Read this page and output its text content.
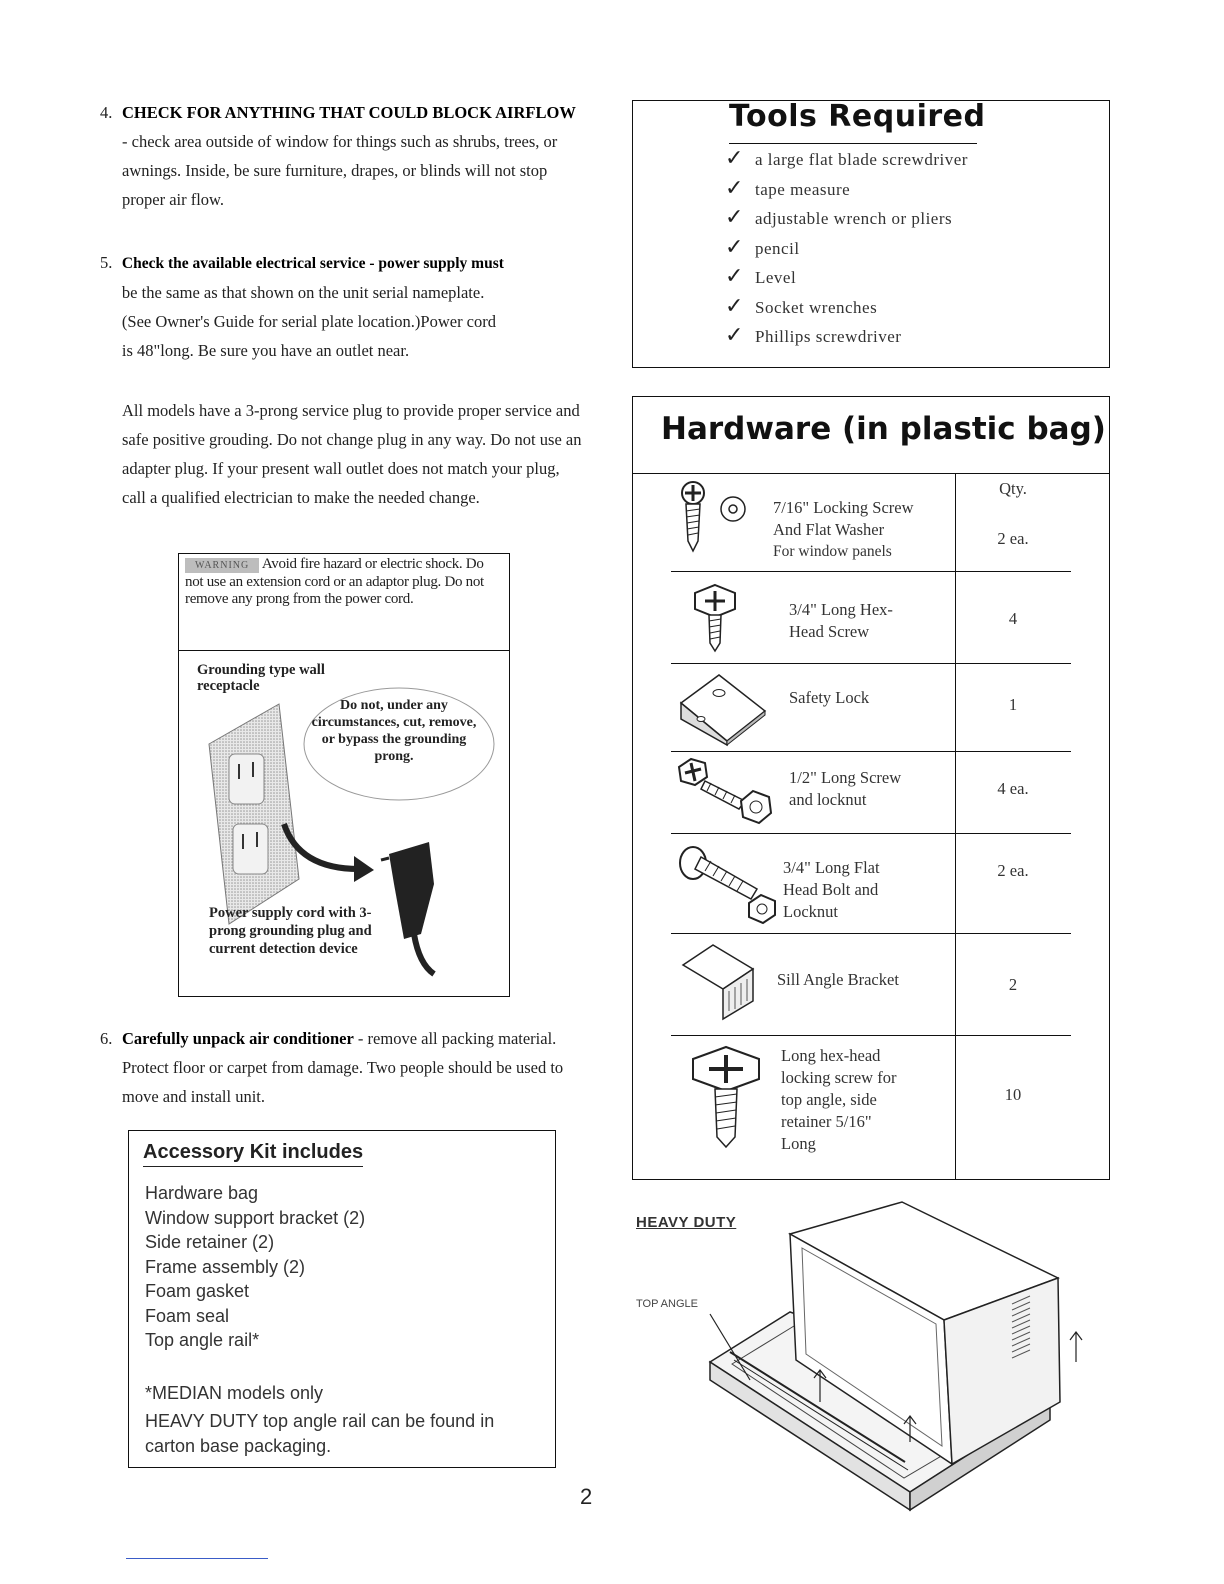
4. CHECK FOR ANYTHING THAT COULD BLOCK AIRFLOW - check area outside of window for things such as shrubs, trees, or awnings. Inside, be sure furniture, drapes, or blinds will not stop proper air flow.
5. Check the available electrical service - power supply must
be the same as that shown on the unit serial nameplate.
(See Owner's Guide for serial plate location.)Power cord
is 48"long. Be sure you have an outlet near.
All models have a 3-prong service plug to provide proper service and safe positive grouding. Do not change plug in any way. Do not use an adapter plug. If your present wall outlet does not match your plug, call a qualified electrician to make the needed change.
WARNING Avoid fire hazard or electric shock. Do not use an extension cord or an adaptor plug. Do not remove any prong from the power cord.
Grounding type wall receptacle
Do not, under any circumstances, cut, remove, or bypass the grounding prong.
Power supply cord with 3-prong grounding plug and current detection device
6. Carefully unpack air conditioner - remove all packing material. Protect floor or carpet from damage. Two people should be used to move and install unit.
Accessory Kit includes
Hardware bag
Window support bracket (2)
Side retainer (2)
Frame assembly (2)
Foam gasket
Foam seal
Top angle rail*
*MEDIAN models only
HEAVY DUTY top angle rail can be found in carton base packaging.
2
Tools Required
✓ a large flat blade screwdriver
✓ tape measure
✓ adjustable wrench or pliers
✓ pencil
✓ Level
✓ Socket wrenches
✓ Phillips screwdriver
Hardware (in plastic bag)
Qty.
7/16" Locking Screw
And Flat Washer
For window panels
2 ea.
3/4" Long Hex-
Head Screw
4
Safety Lock	1
1/2" Long Screw
and locknut
4 ea.
3/4" Long Flat
Head Bolt and
Locknut
2 ea.
Sill Angle Bracket	2
Long hex-head
locking screw for
top angle, side
retainer 5/16"
Long
10
HEAVY DUTY
TOP ANGLE
